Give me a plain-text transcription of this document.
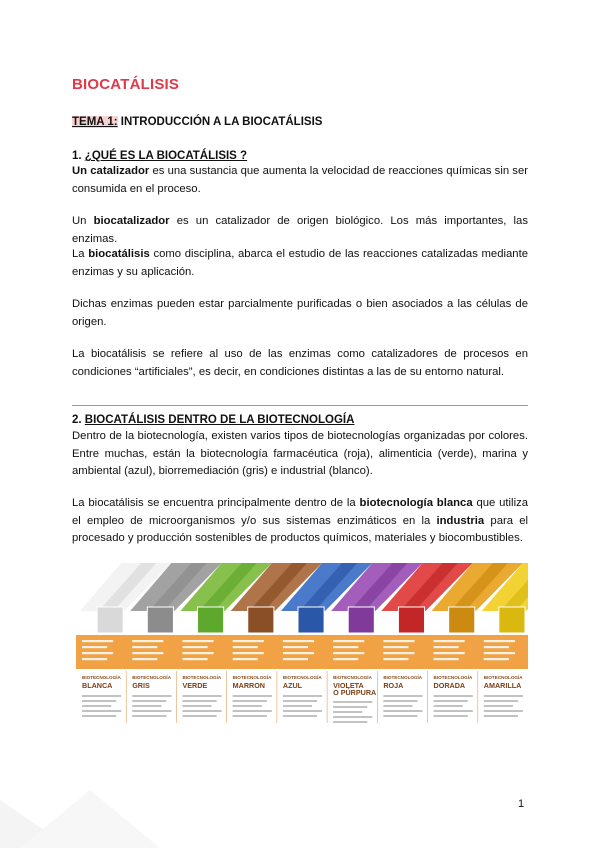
BIOCATÁLISIS
TEMA 1: INTRODUCCIÓN A LA BIOCATÁLISIS
1. ¿QUÉ ES LA BIOCATÁLISIS ?

Un catalizador es una sustancia que aumenta la velocidad de reacciones químicas sin ser consumida en el proceso.

Un biocatalizador es un catalizador de origen biológico. Los más importantes, las enzimas.

La biocatálisis como disciplina, abarca el estudio de las reacciones catalizadas mediante enzimas y su aplicación.

Dichas enzimas pueden estar parcialmente purificadas o bien asociados a las células de origen.

La biocatálisis se refiere al uso de las enzimas como catalizadores de procesos en condiciones “artificiales”, es decir, en condiciones distintas a las de su entorno natural.

2. BIOCATÁLISIS DENTRO DE LA BIOTECNOLOGÍA

Dentro de la biotecnología, existen varios tipos de biotecnologías organizadas por colores. Entre muchas, están la biotecnología farmacéutica (roja), alimenticia (verde), marina y ambiental (azul), biorremediación (gris) e industrial (blanco).

La biocatálisis se encuentra principalmente dentro de la biotecnología blanca que utiliza el empleo de microorganismos y/o sus sistemas enzimáticos en la industria para el procesado y producción sostenibles de productos químicos, materiales y biocombustibles.

BIOTECNOLOGÍA
BLANCA
BIOTECNOLOGÍA
GRIS
BIOTECNOLOGÍA
VERDE
BIOTECNOLOGÍA
MARRON
BIOTECNOLOGÍA
AZUL
BIOTECNOLOGÍA
VIOLETA
O PÚRPURA
BIOTECNOLOGÍA
ROJA
BIOTECNOLOGÍA
DORADA
BIOTECNOLOGÍA
AMARILLA
1
